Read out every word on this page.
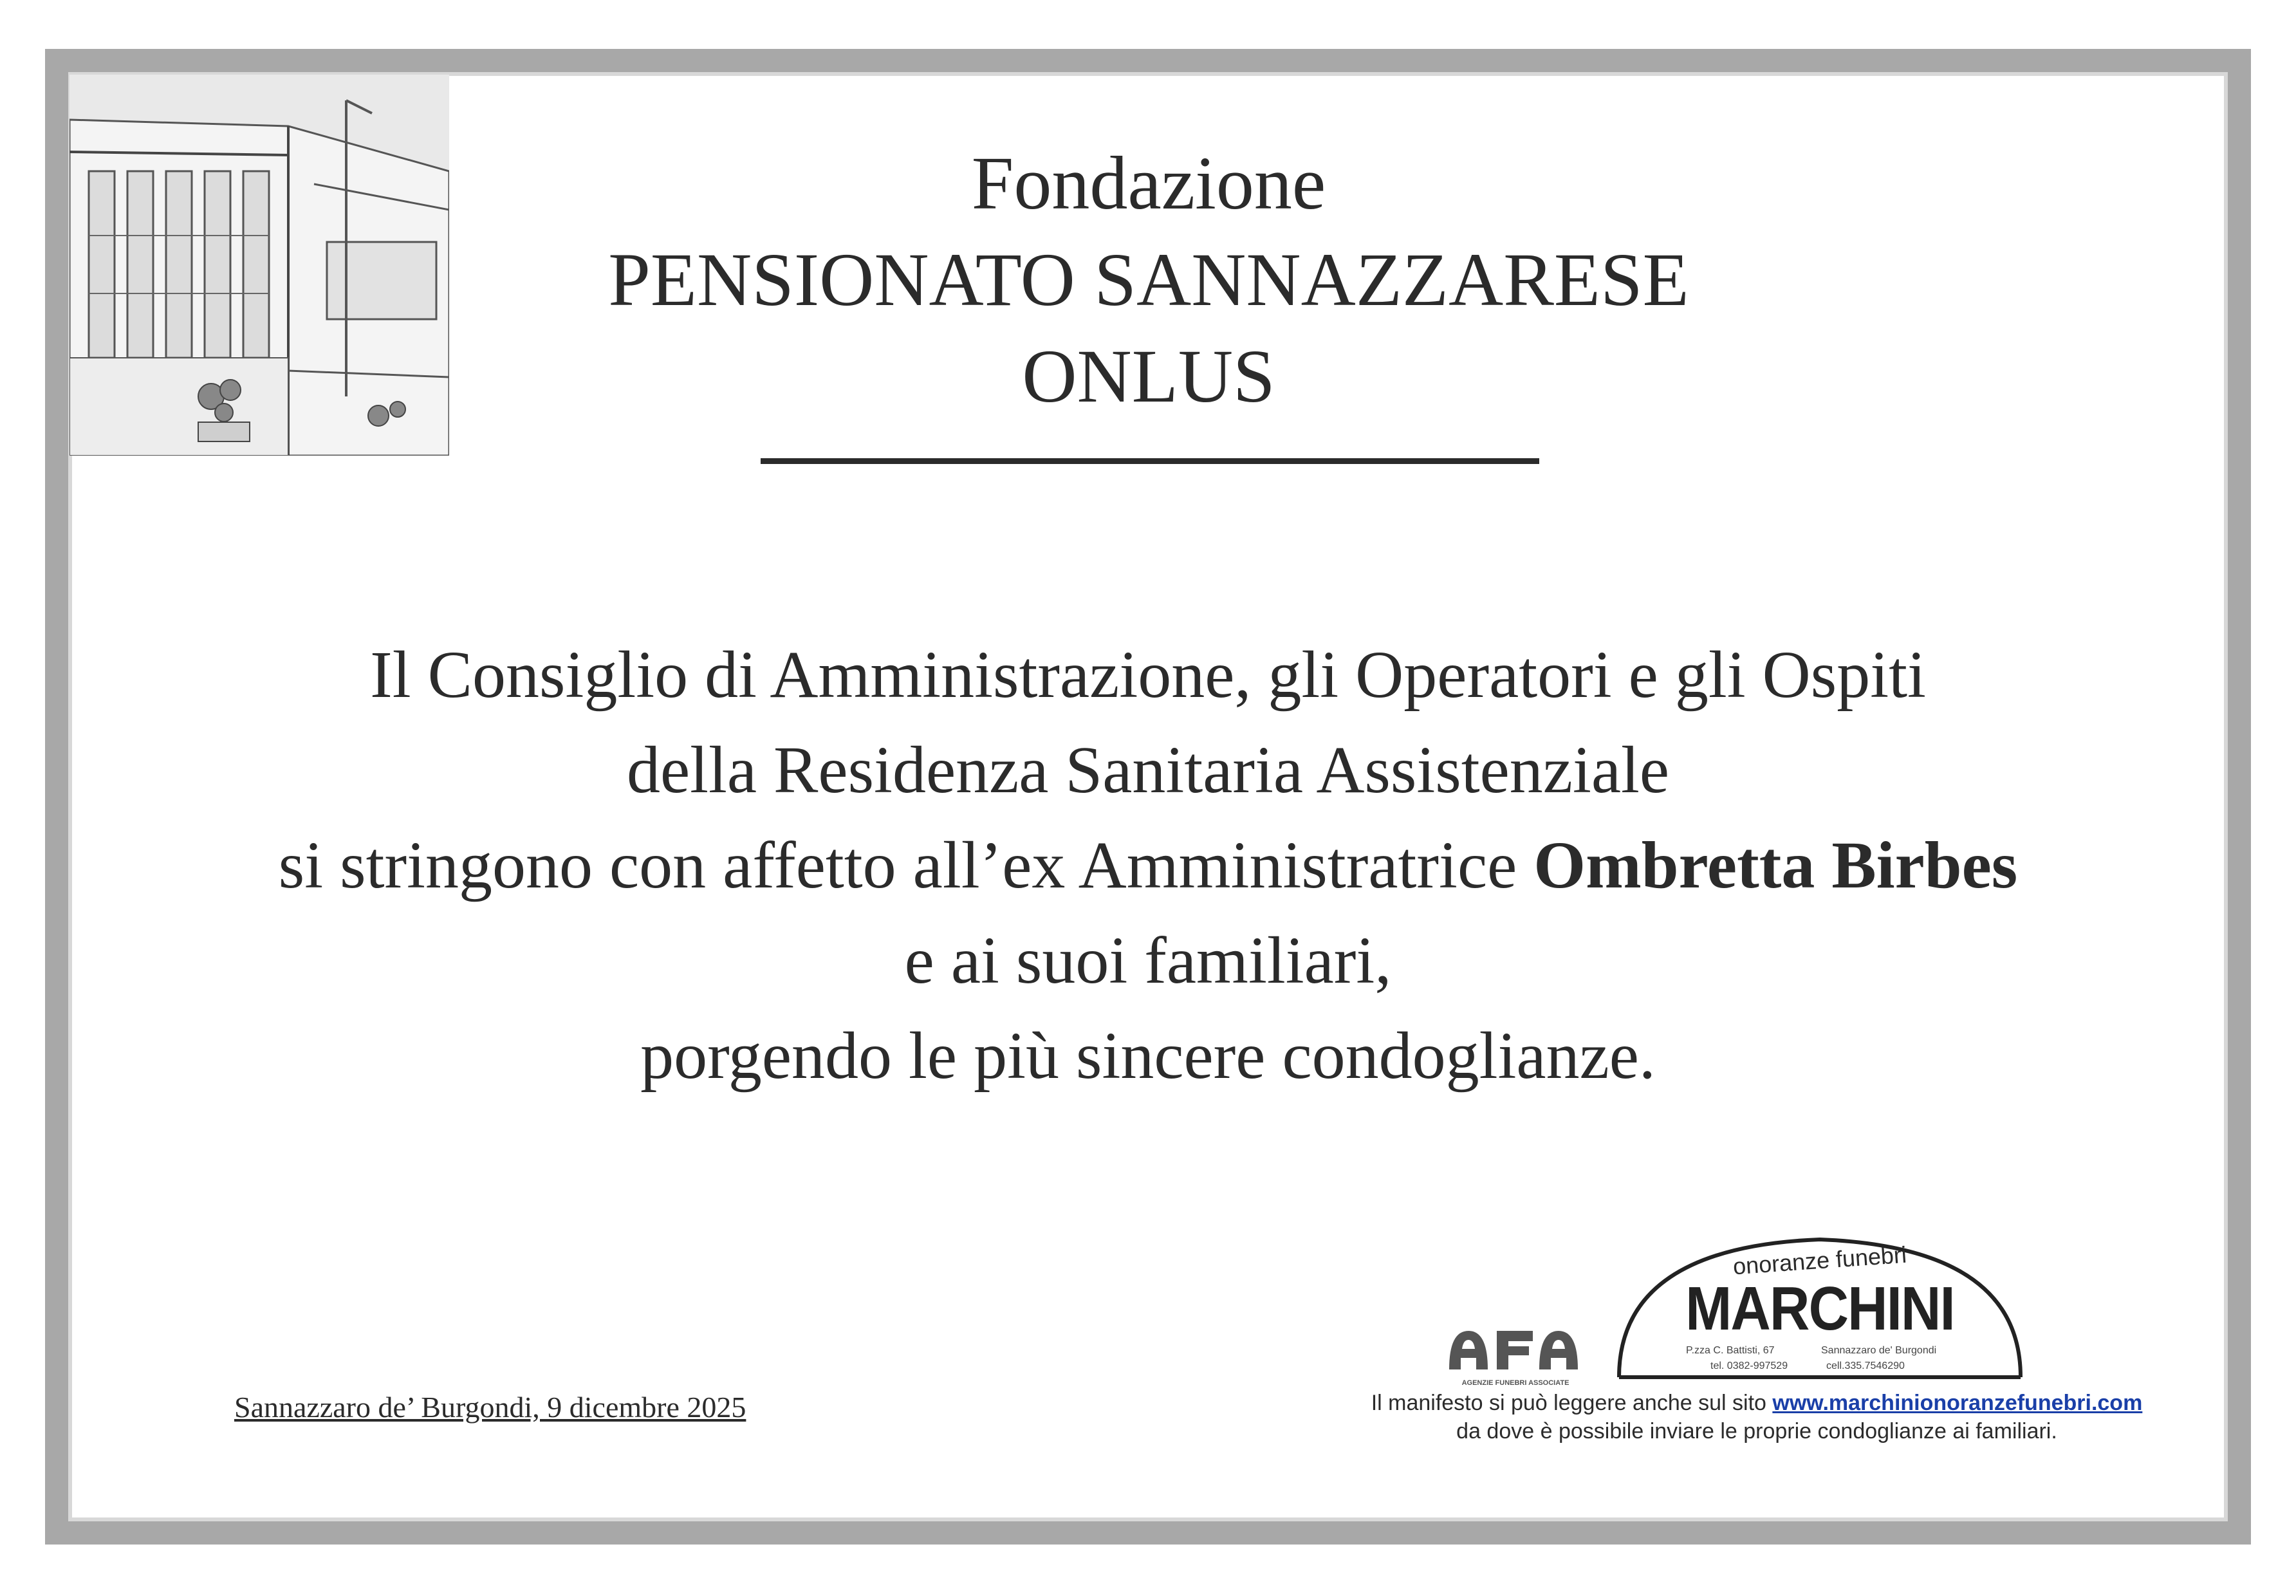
Fondazione
PENSIONATO SANNAZZARESE
ONLUS
Il Consiglio di Amministrazione, gli Operatori e gli Ospiti
della Residenza Sanitaria Assistenziale
si stringono con affetto all’ex Amministratrice Ombretta Birbes
e ai suoi familiari,
porgendo le più sincere condoglianze.
Sannazzaro de’ Burgondi, 9 dicembre 2025
AGENZIE FUNEBRI ASSOCIATE
onoranze funebri
MARCHINI
P.zza C. Battisti, 67	Sannazzaro de' Burgondi
tel. 0382-997529	cell.335.7546290
Il manifesto si può leggere anche sul sito www.marchinionoranzefunebri.com
da dove è possibile inviare le proprie condoglianze ai familiari.
